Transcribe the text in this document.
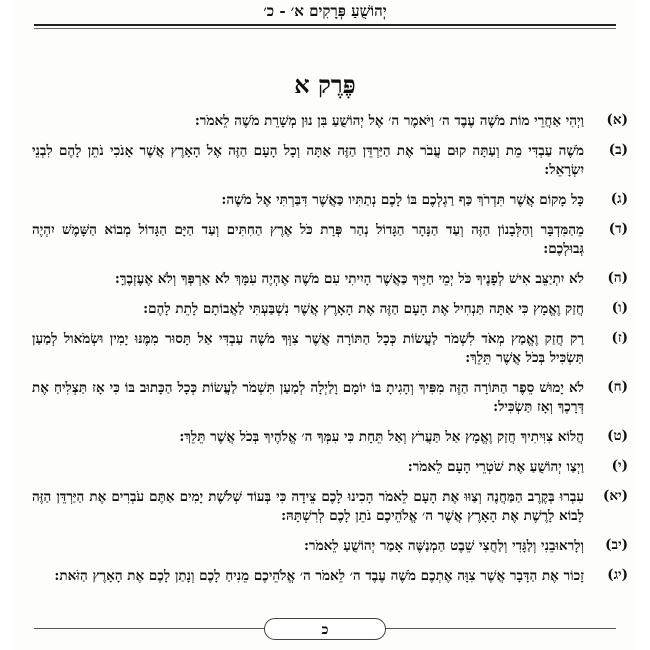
יְהוֹשֻׁעַ פְּרָקִים א׳ - כ׳
פֶּרֶק א
(א)
וַיְהִי אַחֲרֵי מוֹת מֹשֶׁה עֶבֶד ה׳ וַיֹּאמֶר ה׳ אֶל יְהוֹשֻׁעַ בִּן נוּן מְשָׁרֵת מֹשֶׁה לֵאמֹר:
(ב)
מֹשֶׁה עַבְדִּי מֵת וְעַתָּה קוּם עֲבֹר אֶת הַיַּרְדֵּן הַזֶּה אַתָּה וְכָל הָעָם הַזֶּה אֶל הָאָרֶץ אֲשֶׁר אָנֹכִי נֹתֵן לָהֶם לִבְנֵי יִשְׂרָאֵל:
(ג)
כָּל מָקוֹם אֲשֶׁר תִּדְרֹךְ כַּף רַגְלְכֶם בּוֹ לָכֶם נְתַתִּיו כַּאֲשֶׁר דִּבַּרְתִּי אֶל מֹשֶׁה:
(ד)
מֵהַמִּדְבָּר וְהַלְּבָנוֹן הַזֶּה וְעַד הַנָּהָר הַגָּדוֹל נְהַר פְּרָת כֹּל אֶרֶץ הַחִתִּים וְעַד הַיָּם הַגָּדוֹל מְבוֹא הַשָּׁמֶשׁ יִהְיֶה גְּבוּלְכֶם:
(ה)
לֹא יִתְיַצֵּב אִישׁ לְפָנֶיךָ כֹּל יְמֵי חַיֶּיךָ כַּאֲשֶׁר הָיִיתִי עִם מֹשֶׁה אֶהְיֶה עִמָּךְ לֹא אַרְפְּךָ וְלֹא אֶעֶזְבֶךָּ:
(ו)
חֲזַק וֶאֱמָץ כִּי אַתָּה תַּנְחִיל אֶת הָעָם הַזֶּה אֶת הָאָרֶץ אֲשֶׁר נִשְׁבַּעְתִּי לַאֲבוֹתָם לָתֵת לָהֶם:
(ז)
רַק חֲזַק וֶאֱמַץ מְאֹד לִשְׁמֹר לַעֲשׂוֹת כְּכָל הַתּוֹרָה אֲשֶׁר צִוְּךָ מֹשֶׁה עַבְדִּי אַל תָּסוּר מִמֶּנּוּ יָמִין וּשְׂמֹאול לְמַעַן תַּשְׂכִּיל בְּכֹל אֲשֶׁר תֵּלֵךְ:
(ח)
לֹא יָמוּשׁ סֵפֶר הַתּוֹרָה הַזֶּה מִפִּיךָ וְהָגִיתָ בּוֹ יוֹמָם וָלַיְלָה לְמַעַן תִּשְׁמֹר לַעֲשׂוֹת כְּכָל הַכָּתוּב בּוֹ כִּי אָז תַּצְלִיחַ אֶת דְּרָכֶךָ וְאָז תַּשְׂכִּיל:
(ט)
הֲלוֹא צִוִּיתִיךָ חֲזַק וֶאֱמָץ אַל תַּעֲרֹץ וְאַל תֵּחָת כִּי עִמְּךָ ה׳ אֱלֹהֶיךָ בְּכֹל אֲשֶׁר תֵּלֵךְ:
(י)
וַיְצַו יְהוֹשֻׁעַ אֶת שֹׁטְרֵי הָעָם לֵאמֹר:
(יא)
עִבְרוּ בְּקֶרֶב הַמַּחֲנֶה וְצַוּוּ אֶת הָעָם לֵאמֹר הָכִינוּ לָכֶם צֵידָה כִּי בְּעוֹד שְׁלֹשֶׁת יָמִים אַתֶּם עֹבְרִים אֶת הַיַּרְדֵּן הַזֶּה לָבוֹא לָרֶשֶׁת אֶת הָאָרֶץ אֲשֶׁר ה׳ אֱלֹהֵיכֶם נֹתֵן לָכֶם לְרִשְׁתָּהּ:
(יב)
וְלָראוּבֵנִי וְלַגָּדִי וְלַחֲצִי שֵׁבֶט הַמְנַשֶּׁה אָמַר יְהוֹשֻׁעַ לֵאמֹר:
(יג)
זָכוֹר אֶת הַדָּבָר אֲשֶׁר צִוָּה אֶתְכֶם מֹשֶׁה עֶבֶד ה׳ לֵאמֹר ה׳ אֱלֹהֵיכֶם מֵנִיחַ לָכֶם וְנָתַן לָכֶם אֶת הָאָרֶץ הַזֹּאת:
כ
